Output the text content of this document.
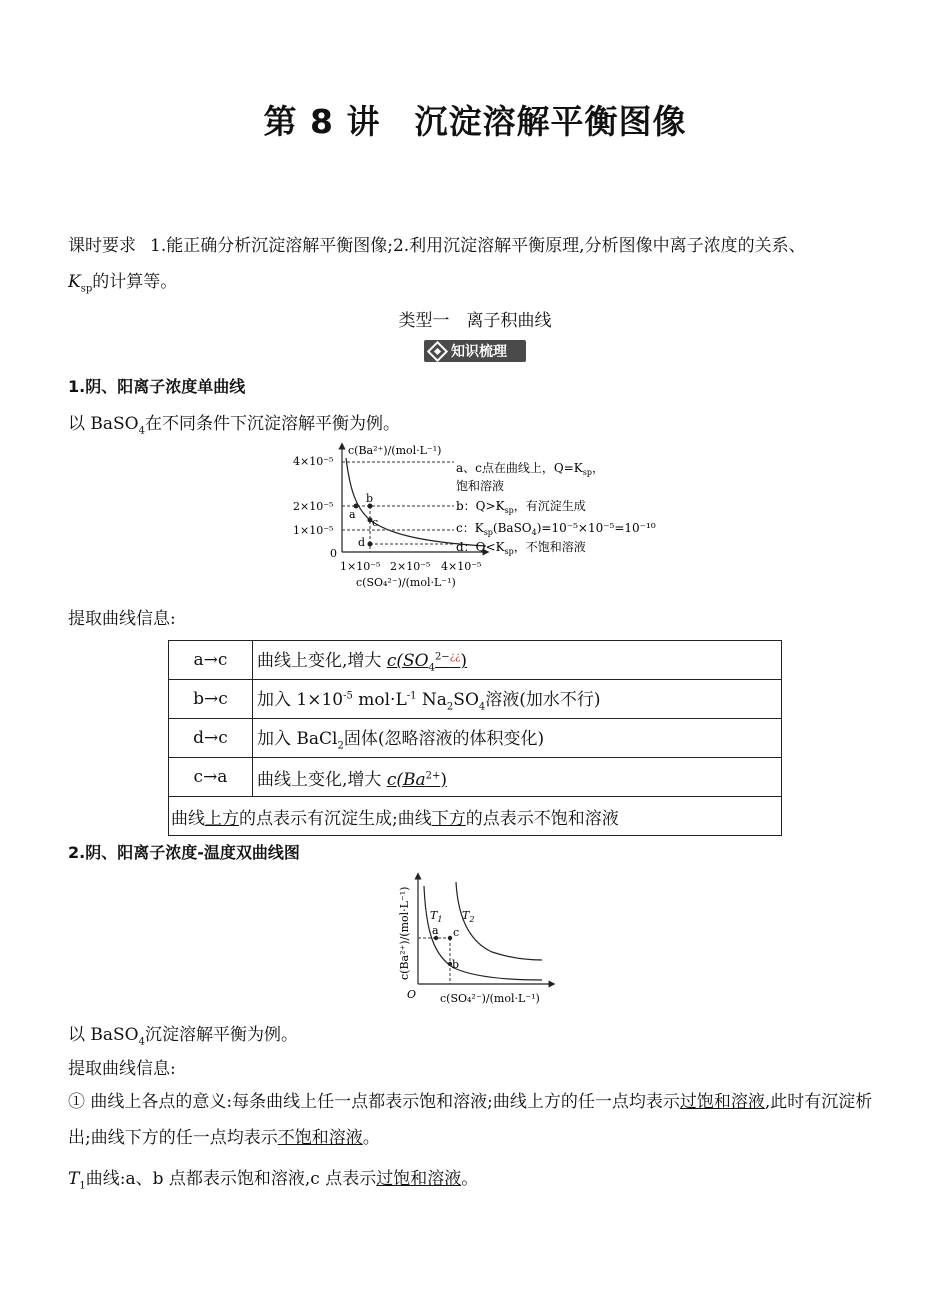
第 8 讲　沉淀溶解平衡图像
课时要求 1.能正确分析沉淀溶解平衡图像;2.利用沉淀溶解平衡原理,分析图像中离子浓度的关系、
$K_{sp}$的计算等。
类型一　离子积曲线
知识梳理
1.阴、阳离子浓度单曲线
以 BaSO$_4$在不同条件下沉淀溶解平衡为例。
c(Ba²⁺)/(mol·L⁻¹)
4×10⁻⁵
2×10⁻⁵
1×10⁻⁵
0
1×10⁻⁵ 2×10⁻⁵ 4×10⁻⁵
c(SO₄²⁻)/(mol·L⁻¹)
b
a
c
d
a、c点在曲线上，$Q=K_{sp}$，
饱和溶液
b：$Q>K_{sp}$，有沉淀生成
c：$K_{sp}(BaSO_4)=10^{-5}\times 10^{-5}=10^{-10}$
d：$Q<K_{sp}$，不饱和溶液
提取曲线信息:
a→c	曲线上变化,增大 $c(SO_4^{2-¿¿})$
b→c	加入 $1\times 10^{-5}$ $mol\cdot L^{-1}$ $Na_2SO_4$溶液(加水不行)
d→c	加入 BaCl$_2$固体(忽略溶液的体积变化)
c→a	曲线上变化,增大 $c(Ba^{2+})$
曲线上方的点表示有沉淀生成;曲线下方的点表示不饱和溶液	
2.阴、阳离子浓度-温度双曲线图
c(Ba²⁺)/(mol·L⁻¹)
O c(SO₄²⁻)/(mol·L⁻¹)
$T_1$ $T_2$
a c
b
以 BaSO$_4$沉淀溶解平衡为例。
提取曲线信息:
① 曲线上各点的意义:每条曲线上任一点都表示饱和溶液;曲线上方的任一点均表示过饱和溶液,此时有沉淀析出;曲线下方的任一点均表示不饱和溶液。
$T_1$曲线:a、b 点都表示饱和溶液,c 点表示过饱和溶液。
